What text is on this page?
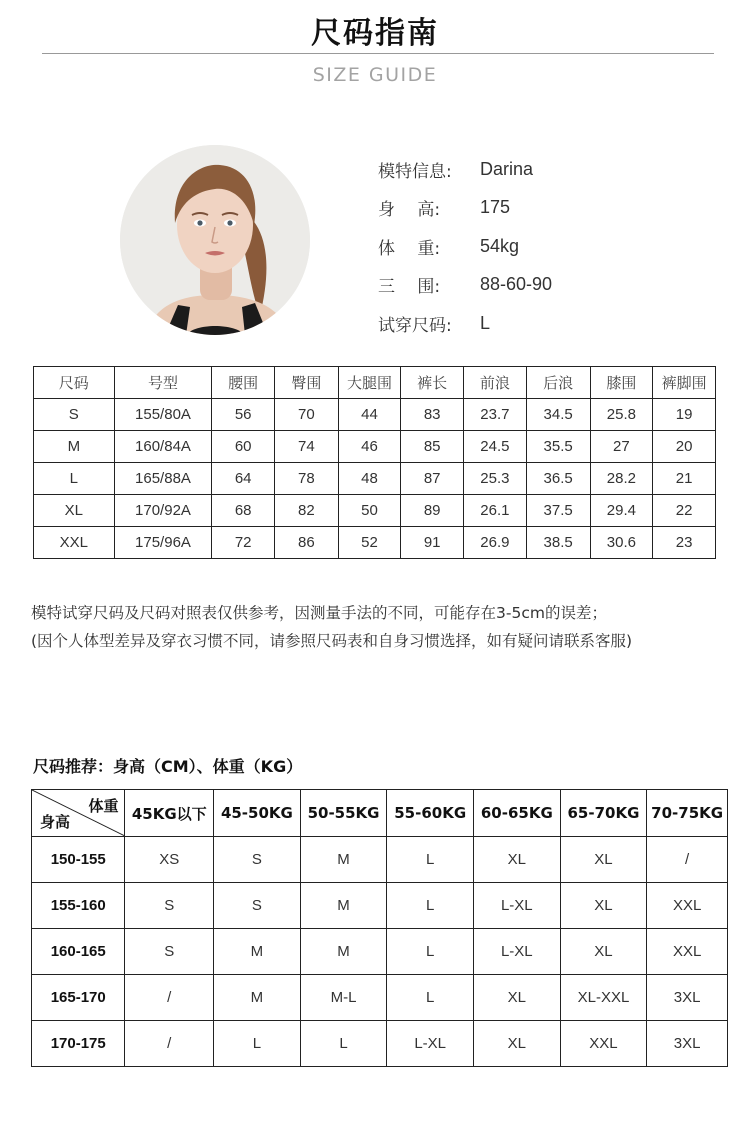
尺码指南
SIZE GUIDE
模特信息:	Darina
身　 高:	175
体　 重:	54kg
三　 围:	88-60-90
试穿尺码:	L
尺码	号型	腰围	臀围	大腿围	裤长	前浪	后浪	膝围	裤脚围
S	155/80A	56	70	44	83	23.7	34.5	25.8	19
M	160/84A	60	74	46	85	24.5	35.5	27	20
L	165/88A	64	78	48	87	25.3	36.5	28.2	21
XL	170/92A	68	82	50	89	26.1	37.5	29.4	22
XXL	175/96A	72	86	52	91	26.9	38.5	30.6	23
模特试穿尺码及尺码对照表仅供参考，因测量手法的不同，可能存在3-5cm的误差；
(因个人体型差异及穿衣习惯不同，请参照尺码表和自身习惯选择，如有疑问请联系客服)
尺码推荐：身高（CM）、体重（KG）
体重
身高	45KG以下	45-50KG	50-55KG	55-60KG	60-65KG	65-70KG	70-75KG
150-155	XS	S	M	L	XL	XL	/
155-160	S	S	M	L	L-XL	XL	XXL
160-165	S	M	M	L	L-XL	XL	XXL
165-170	/	M	M-L	L	XL	XL-XXL	3XL
170-175	/	L	L	L-XL	XL	XXL	3XL
